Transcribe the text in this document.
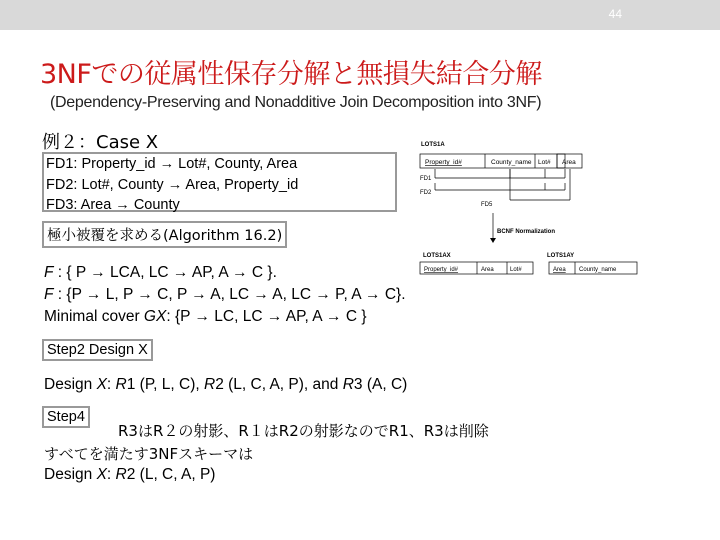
44
3NFでの従属性保存分解と無損失結合分解
(Dependency-Preserving and Nonadditive Join Decomposition into 3NF)
例２：Case X
FD1: Property_id → Lot#, County, Area
FD2: Lot#, County → Area, Property_id
FD3: Area → County
LOTS1A
Property_id#	County_name Lot# Area
FD1
FD2
FD5
BCNF Normalization
LOTS1AX
Property_id#	Area	Lot#
LOTS1AY
Area County_name
極小被覆を求める(Algorithm 16.2)
F : { P → LCA, LC → AP, A → C }.
F : {P → L, P → C, P → A, LC → A, LC → P, A → C}.
Minimal cover GX: {P → LC, LC → AP, A → C }
Step2 Design X
Design X: R1 (P, L, C), R2 (L, C, A, P), and R3 (A, C)
Step4
R3はR２の射影、R１はR2の射影なのでR1、R3は削除
すべてを満たす3NFスキーマは
Design X: R2 (L, C, A, P)
